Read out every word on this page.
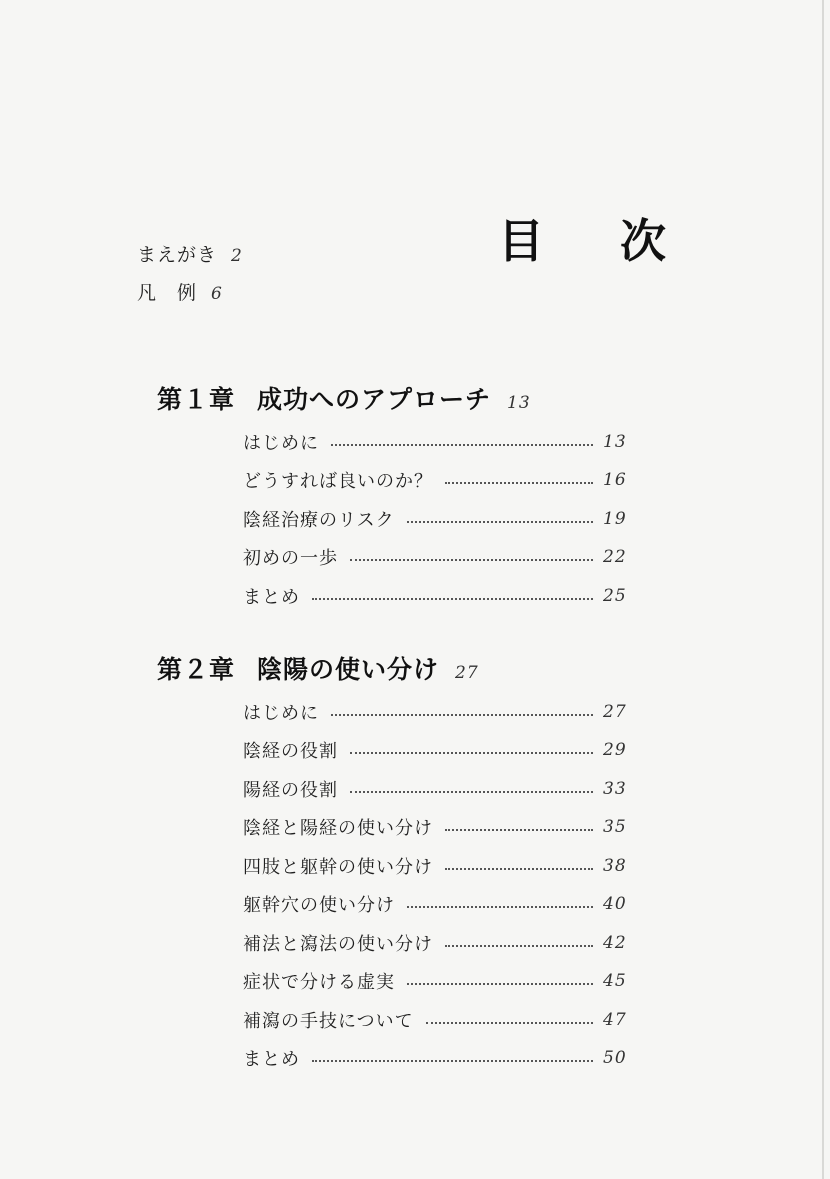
目 次
まえがき 2
凡　例 6
第１章 成功へのアプローチ 13
はじめに	13
どうすれば良いのか？	16
陰経治療のリスク	19
初めの一歩	22
まとめ	25
第２章 陰陽の使い分け 27
はじめに	27
陰経の役割	29
陽経の役割	33
陰経と陽経の使い分け	35
四肢と躯幹の使い分け	38
躯幹穴の使い分け	40
補法と瀉法の使い分け	42
症状で分ける虚実	45
補瀉の手技について	47
まとめ	50
